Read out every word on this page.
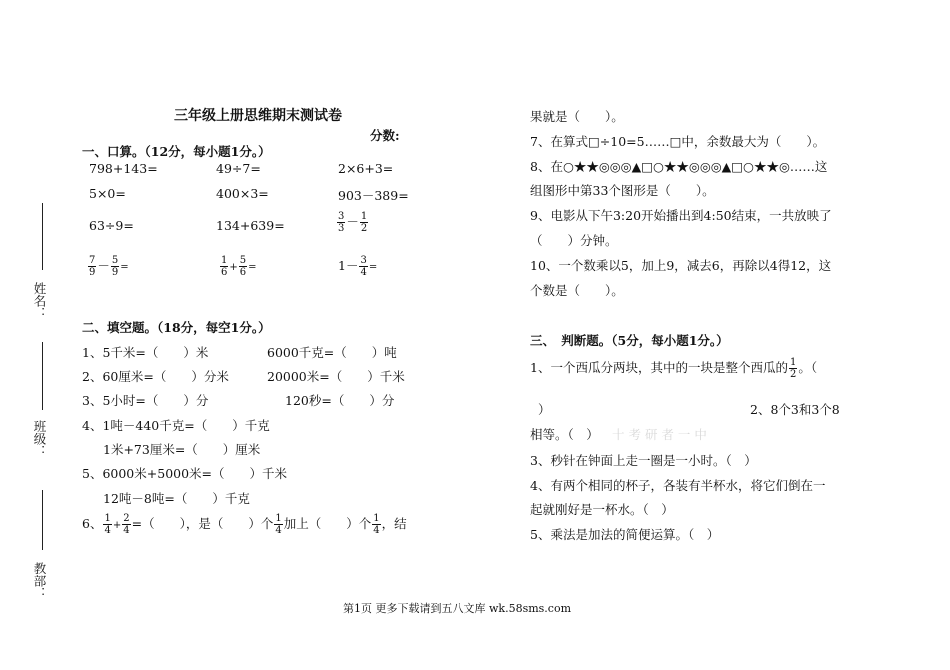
三年级上册思维期末测试卷
分数:
姓名：
班级：
教部：
一、口算。（12分，每小题1分。）
798+143=	49÷7=	2×6+3=
5×0=	400×3=	903－389=
63÷9=	134+639=	$\frac{3}{3} - \frac{1}{2}$
$\frac{7}{9} - \frac{5}{9}$ =	$\frac{1}{6} + \frac{5}{6}$ =	$1- \frac{3}{4}$ =
二、填空题。（18分，每空1分。）
1、5千米=（　　）米	6000千克=（　　）吨
2、60厘米=（　　）分米	20000米=（　　）千米
3、5小时=（　　）分	120秒=（　　）分
4、1吨－440千克=（　　）千克
1米+73厘米=（　　）厘米
5、6000米+5000米=（　　）千米
12吨－8吨=（　　）千克
6、 $\frac{1}{4} + \frac{2}{4}$ =（　　），是（　　）个 $\frac{1}{4}$ 加上（　　）个 $\frac{1}{4}$ ，结
果就是（　　）。
7、在算式□÷10=5……□中，余数最大为（　　）。
8、在○★★◎◎◎▲□○★★◎◎◎▲□○★★◎……这
组图形中第33个图形是（　　）。
9、电影从下午3:20开始播出到4:50结束，一共放映了
（　　）分钟。
10、一个数乘以5，加上9，减去6，再除以4得12，这
个数是（　　）。
三、　判断题。（5分，每小题1分。）
1、一个西瓜分两块，其中的一块是整个西瓜的 $\frac{1}{2}$ 。（
）	2、8个3和3个8
相等。（　） 十 考 研 者 一 中
3、秒针在钟面上走一圈是一小时。（　）
4、有两个相同的杯子，各装有半杯水，将它们倒在一
起就刚好是一杯水。（　）
5、乘法是加法的简便运算。（　）
第1页 更多下载请到五八文库 wk.58sms.com
